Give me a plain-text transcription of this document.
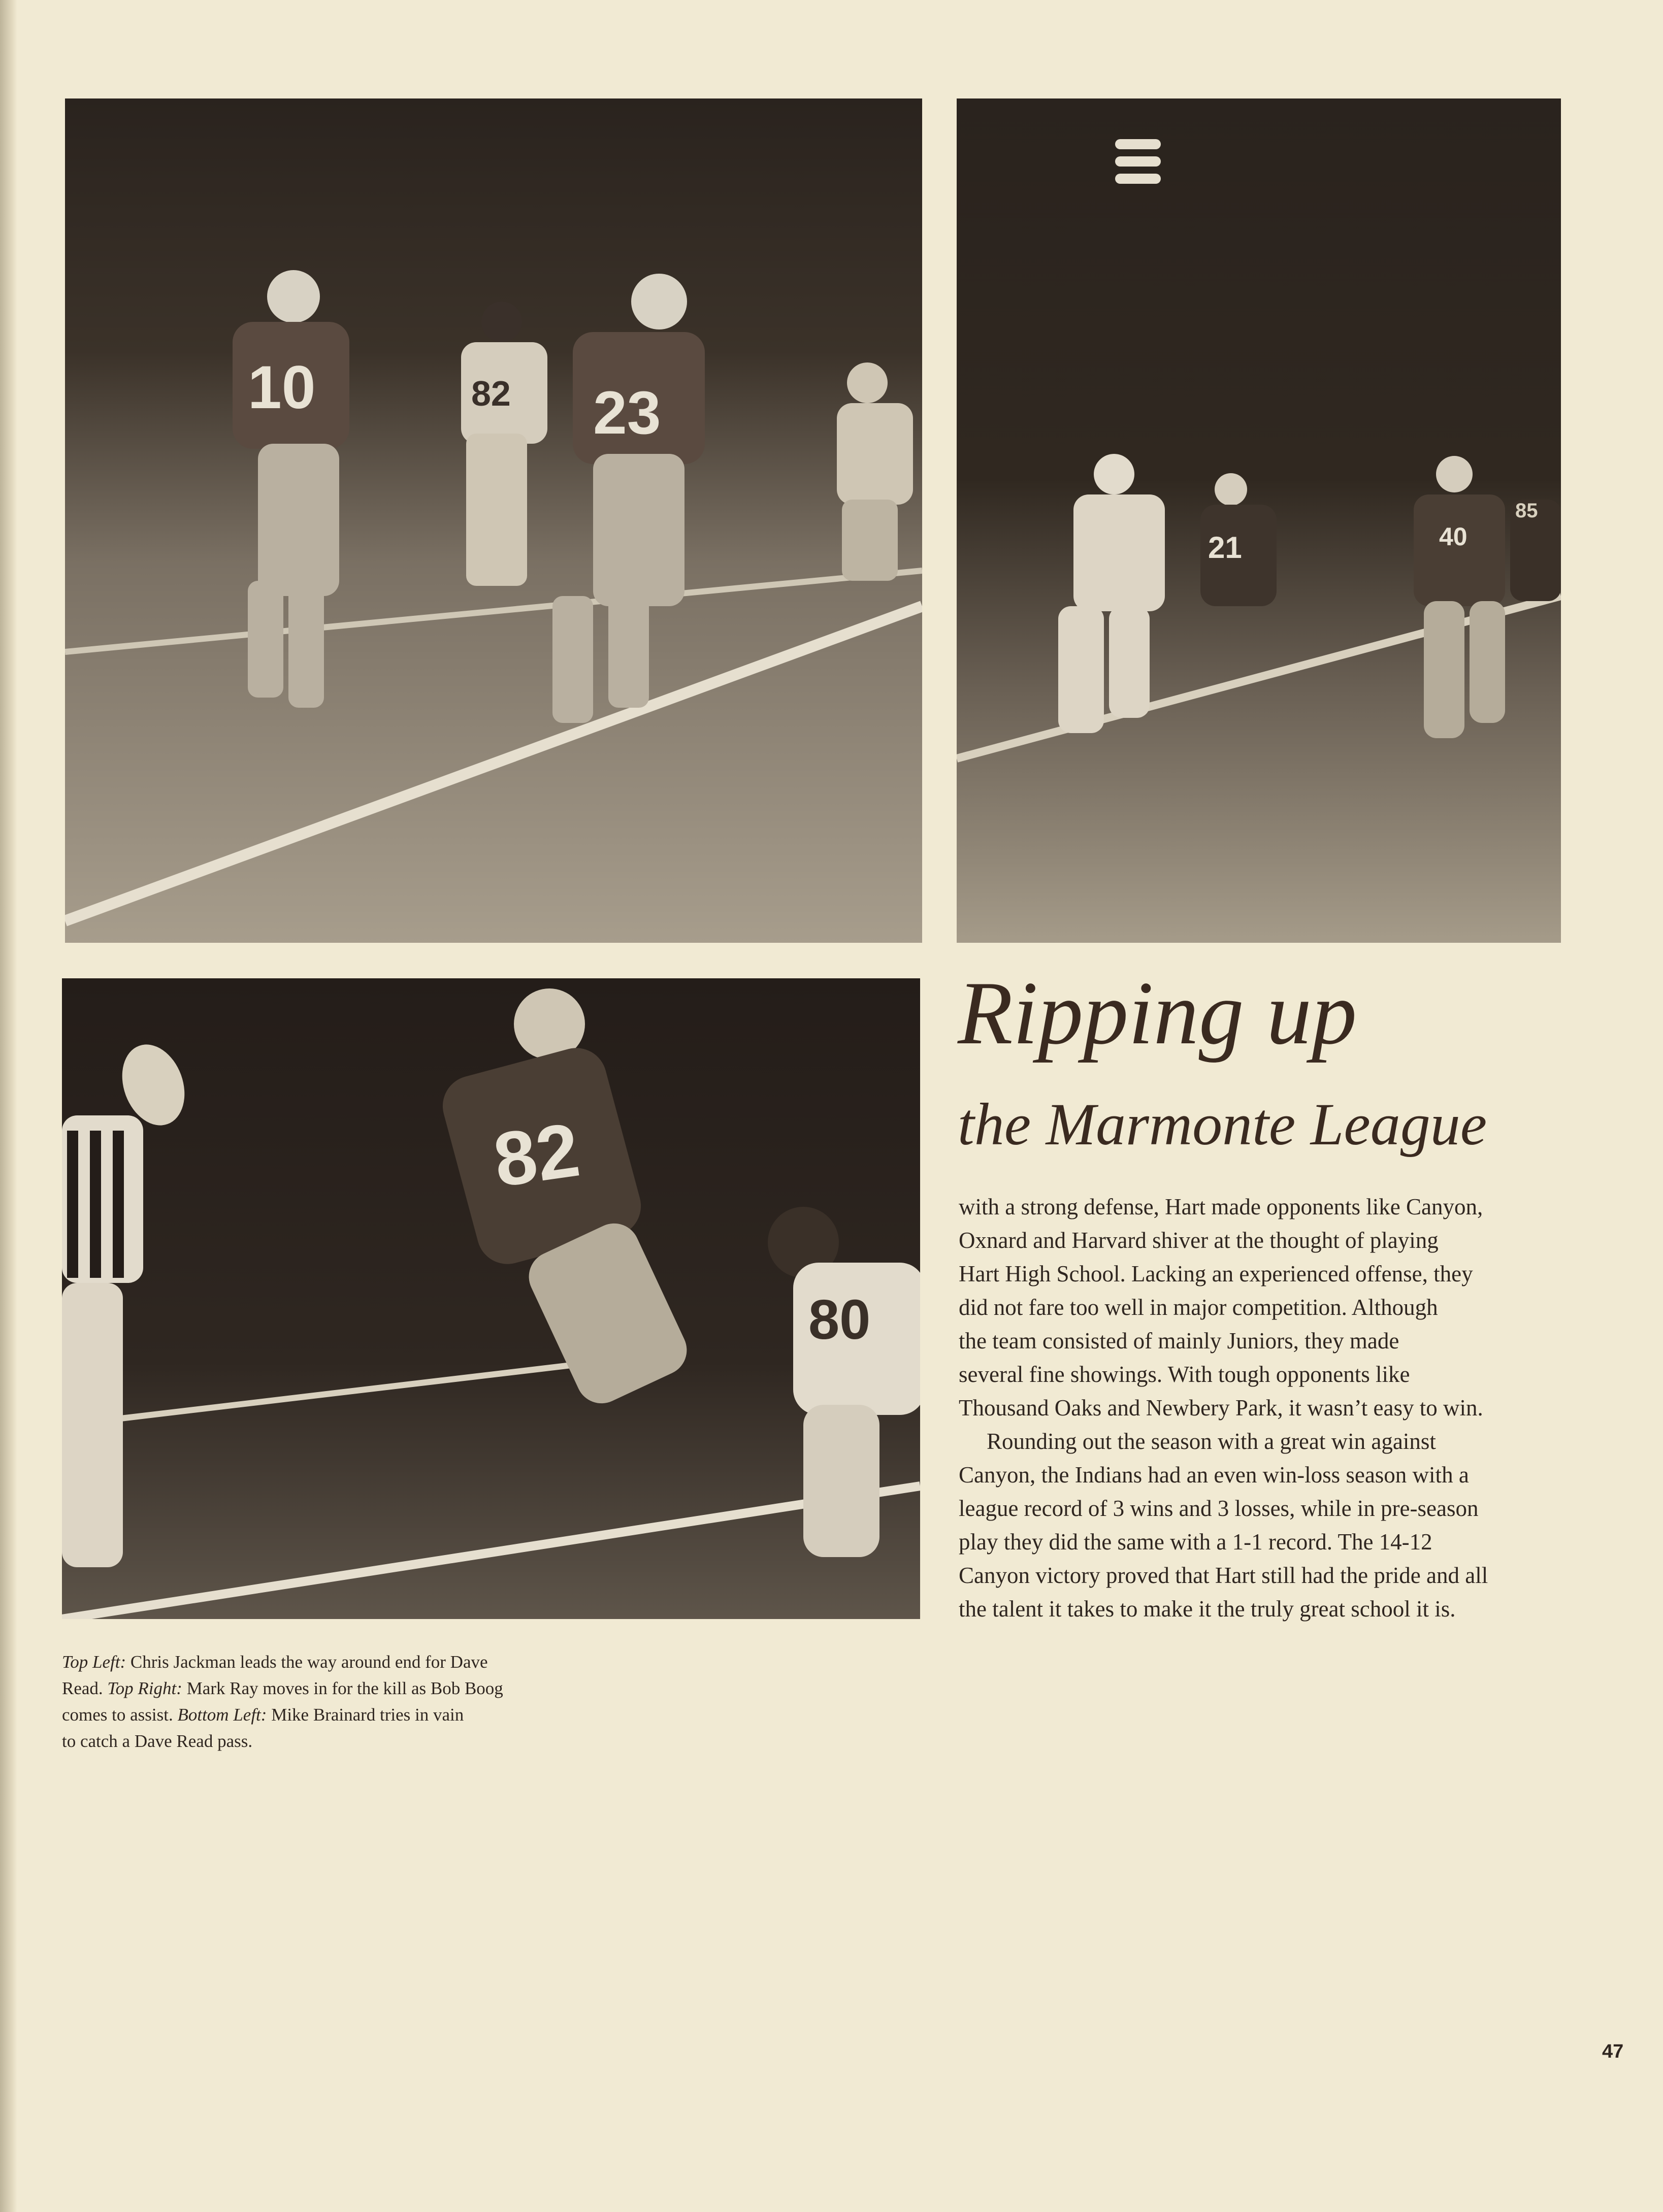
10	82 23
21	40
85
82
80
Ripping up
the Marmonte League

with a strong defense, Hart made opponents like Canyon,

Oxnard and Harvard shiver at the thought of playing

Hart High School. Lacking an experienced offense, they

did not fare too well in major competition. Although

the team consisted of mainly Juniors, they made

several fine showings. With tough opponents like

Thousand Oaks and Newbery Park, it wasn’t easy to win.

Rounding out the season with a great win against

Canyon, the Indians had an even win-loss season with a

league record of 3 wins and 3 losses, while in pre-season

play they did the same with a 1-1 record. The 14-12

Canyon victory proved that Hart still had the pride and all

the talent it takes to make it the truly great school it is.

Top Left: Chris Jackman leads the way around end for Dave

Read. Top Right: Mark Ray moves in for the kill as Bob Boog

comes to assist. Bottom Left: Mike Brainard tries in vain

to catch a Dave Read pass.

47
